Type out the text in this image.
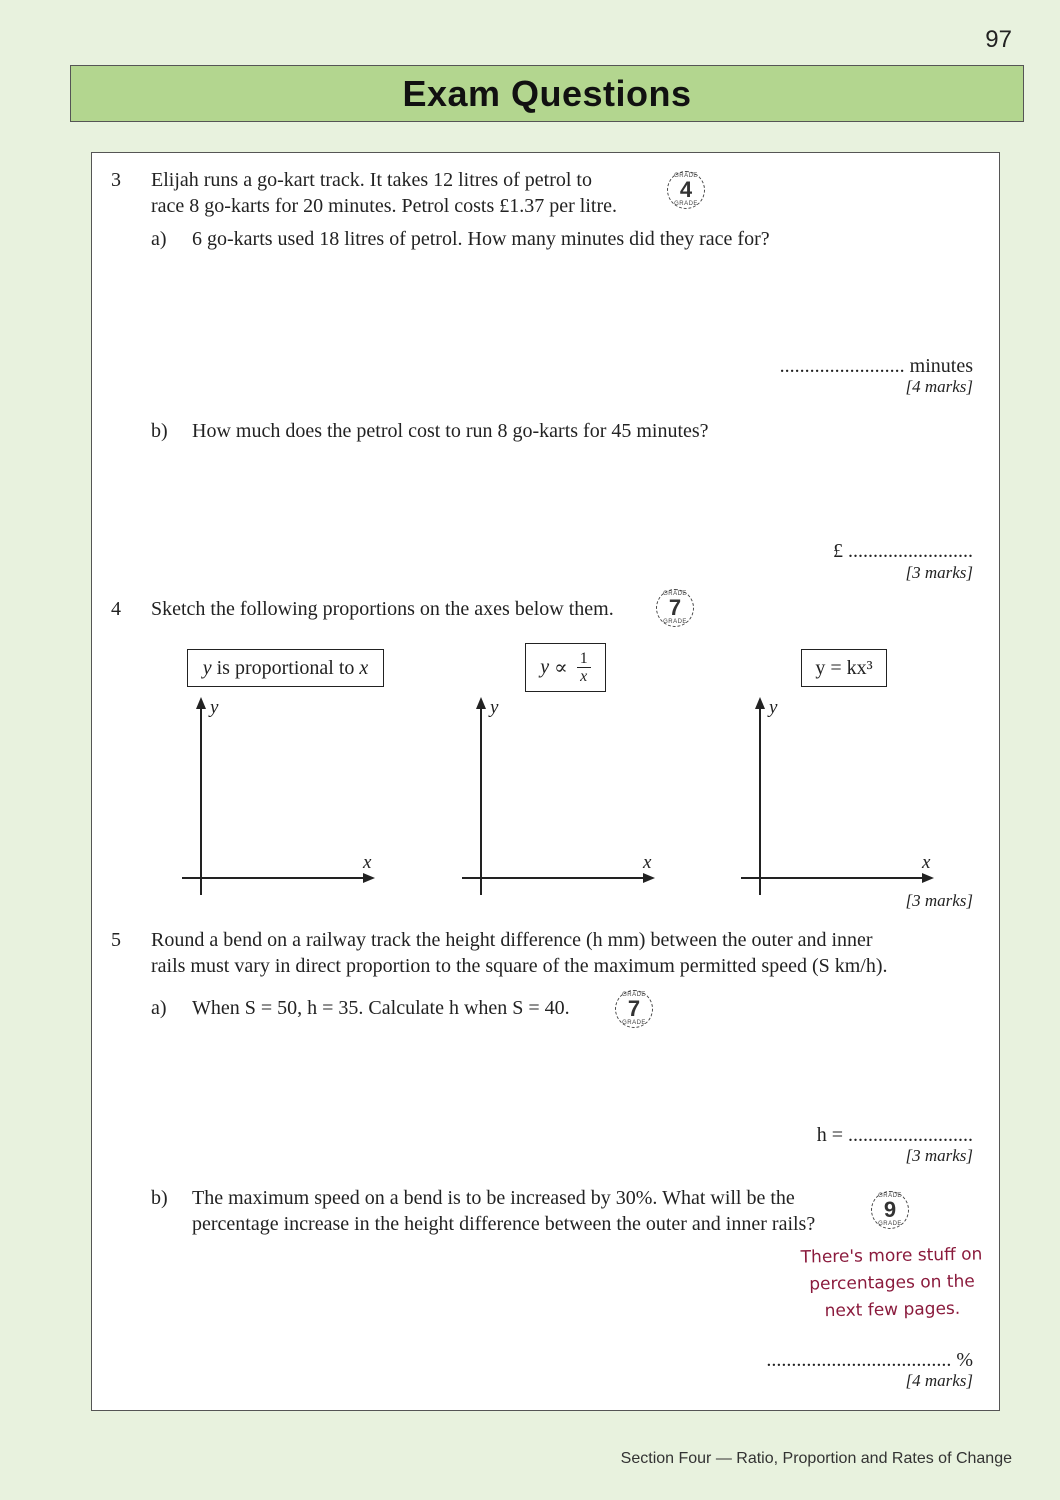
97
Exam Questions
3 Elijah runs a go-kart track. It takes 12 litres of petrol to
race 8 go-karts for 20 minutes. Petrol costs £1.37 per litre.
GRADE
4
GRADE
a) 6 go-karts used 18 litres of petrol. How many minutes did they race for?
......................... minutes
[4 marks]
b) How much does the petrol cost to run 8 go-karts for 45 minutes?
£ .........................
[3 marks]
4 Sketch the following proportions on the axes below them.
GRADE
7
GRADE
y is proportional to x	$y \propto \frac{1}{x}$	y = kx³
y
x
y
x
y
x
[3 marks]
5 Round a bend on a railway track the height difference (h mm) between the outer and inner
rails must vary in direct proportion to the square of the maximum permitted speed (S km/h).
a) When S = 50, h = 35. Calculate h when S = 40.
GRADE
7
GRADE
h = .........................
[3 marks]
b) The maximum speed on a bend is to be increased by 30%. What will be the
percentage increase in the height difference between the outer and inner rails?
GRADE
9
GRADE
There's more stuff on
percentages on the
next few pages.
..................................... %
[4 marks]
Section Four — Ratio, Proportion and Rates of Change
